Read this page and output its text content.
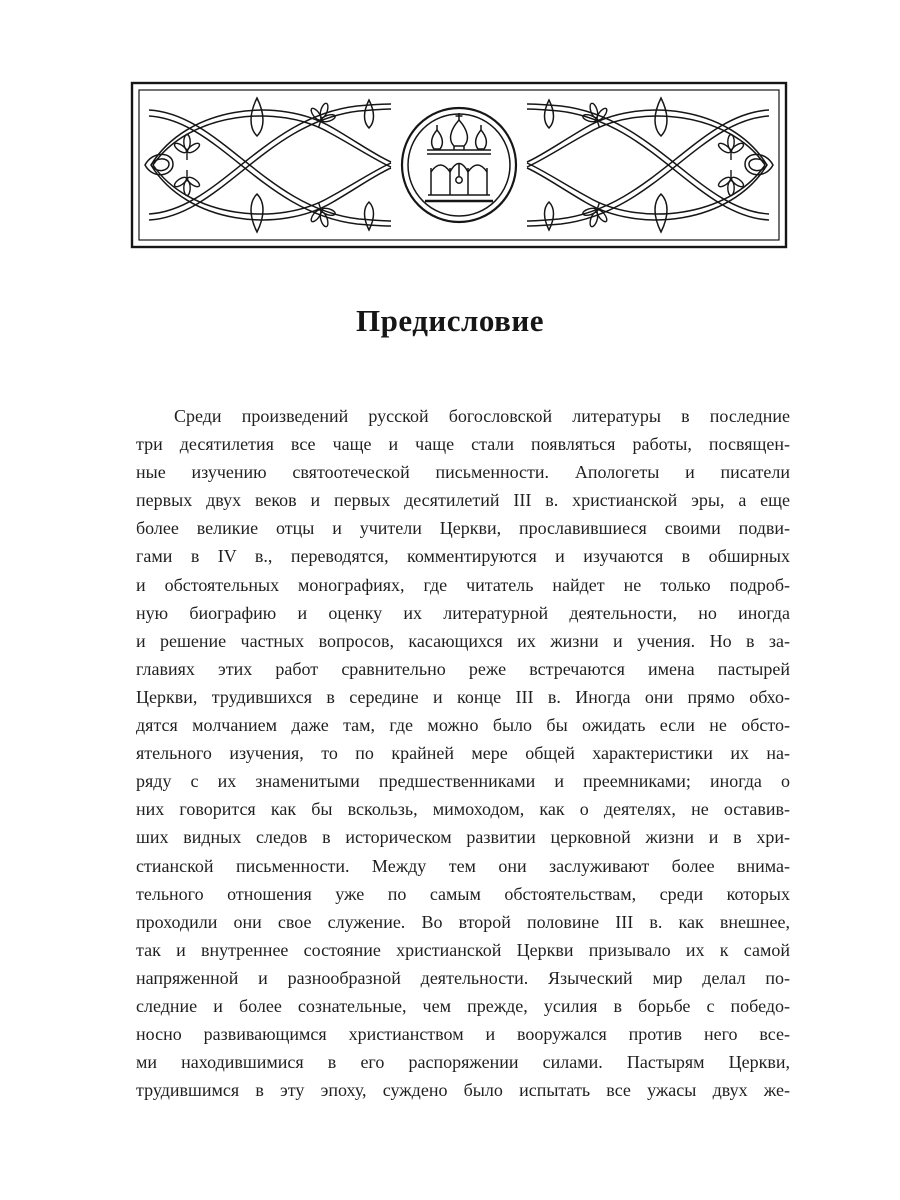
Предисловие
Среди произведений русской богословской литературы в последние
три десятилетия все чаще и чаще стали появляться работы, посвящен-
ные изучению святоотеческой письменности. Апологеты и писатели
первых двух веков и первых десятилетий III в. христианской эры, а еще
более великие отцы и учители Церкви, прославившиеся своими подви-
гами в IV в., переводятся, комментируются и изучаются в обширных
и обстоятельных монографиях, где читатель найдет не только подроб-
ную биографию и оценку их литературной деятельности, но иногда
и решение частных вопросов, касающихся их жизни и учения. Но в за-
главиях этих работ сравнительно реже встречаются имена пастырей
Церкви, трудившихся в середине и конце III в. Иногда они прямо обхо-
дятся молчанием даже там, где можно было бы ожидать если не обсто-
ятельного изучения, то по крайней мере общей характеристики их на-
ряду с их знаменитыми предшественниками и преемниками; иногда о
них говорится как бы вскользь, мимоходом, как о деятелях, не оставив-
ших видных следов в историческом развитии церковной жизни и в хри-
стианской письменности. Между тем они заслуживают более внима-
тельного отношения уже по самым обстоятельствам, среди которых
проходили они свое служение. Во второй половине III в. как внешнее,
так и внутреннее состояние христианской Церкви призывало их к самой
напряженной и разнообразной деятельности. Языческий мир делал по-
следние и более сознательные, чем прежде, усилия в борьбе с победо-
носно развивающимся христианством и вооружался против него все-
ми находившимися в его распоряжении силами. Пастырям Церкви,
трудившимся в эту эпоху, суждено было испытать все ужасы двух же-
